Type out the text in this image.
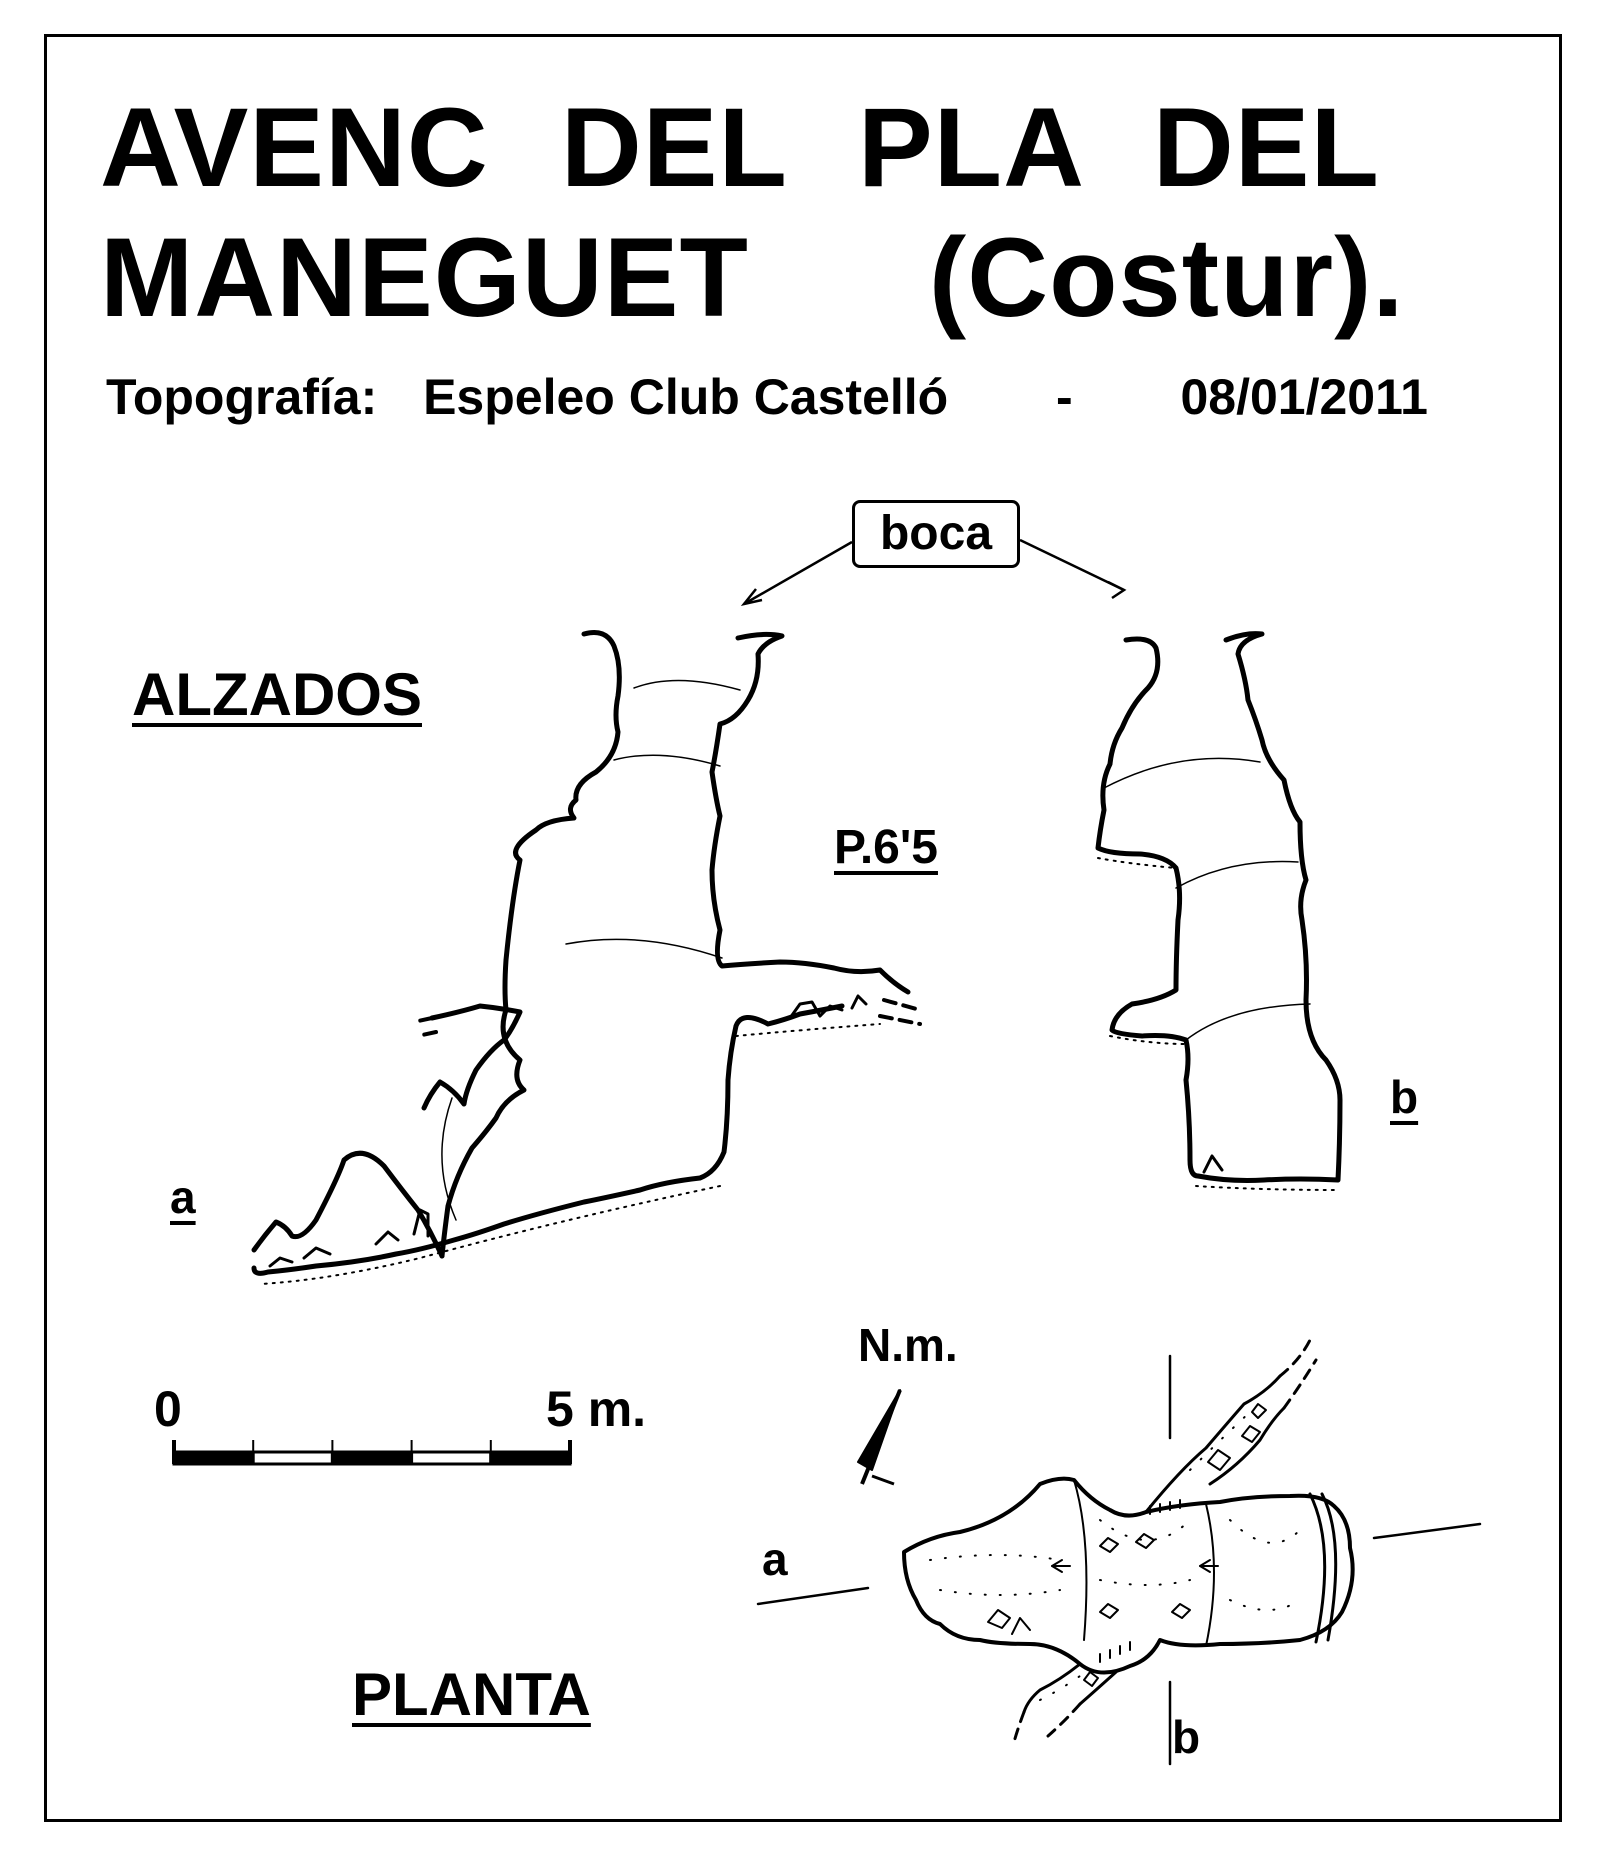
AVENC DEL PLA DEL
MANEGUET (Costur).
Topografía: Espeleo Club Castelló - 08/01/2011
ALZADOS
PLANTA
P.6'5
a
b
a
b
N.m.
0	5 m.
boca
